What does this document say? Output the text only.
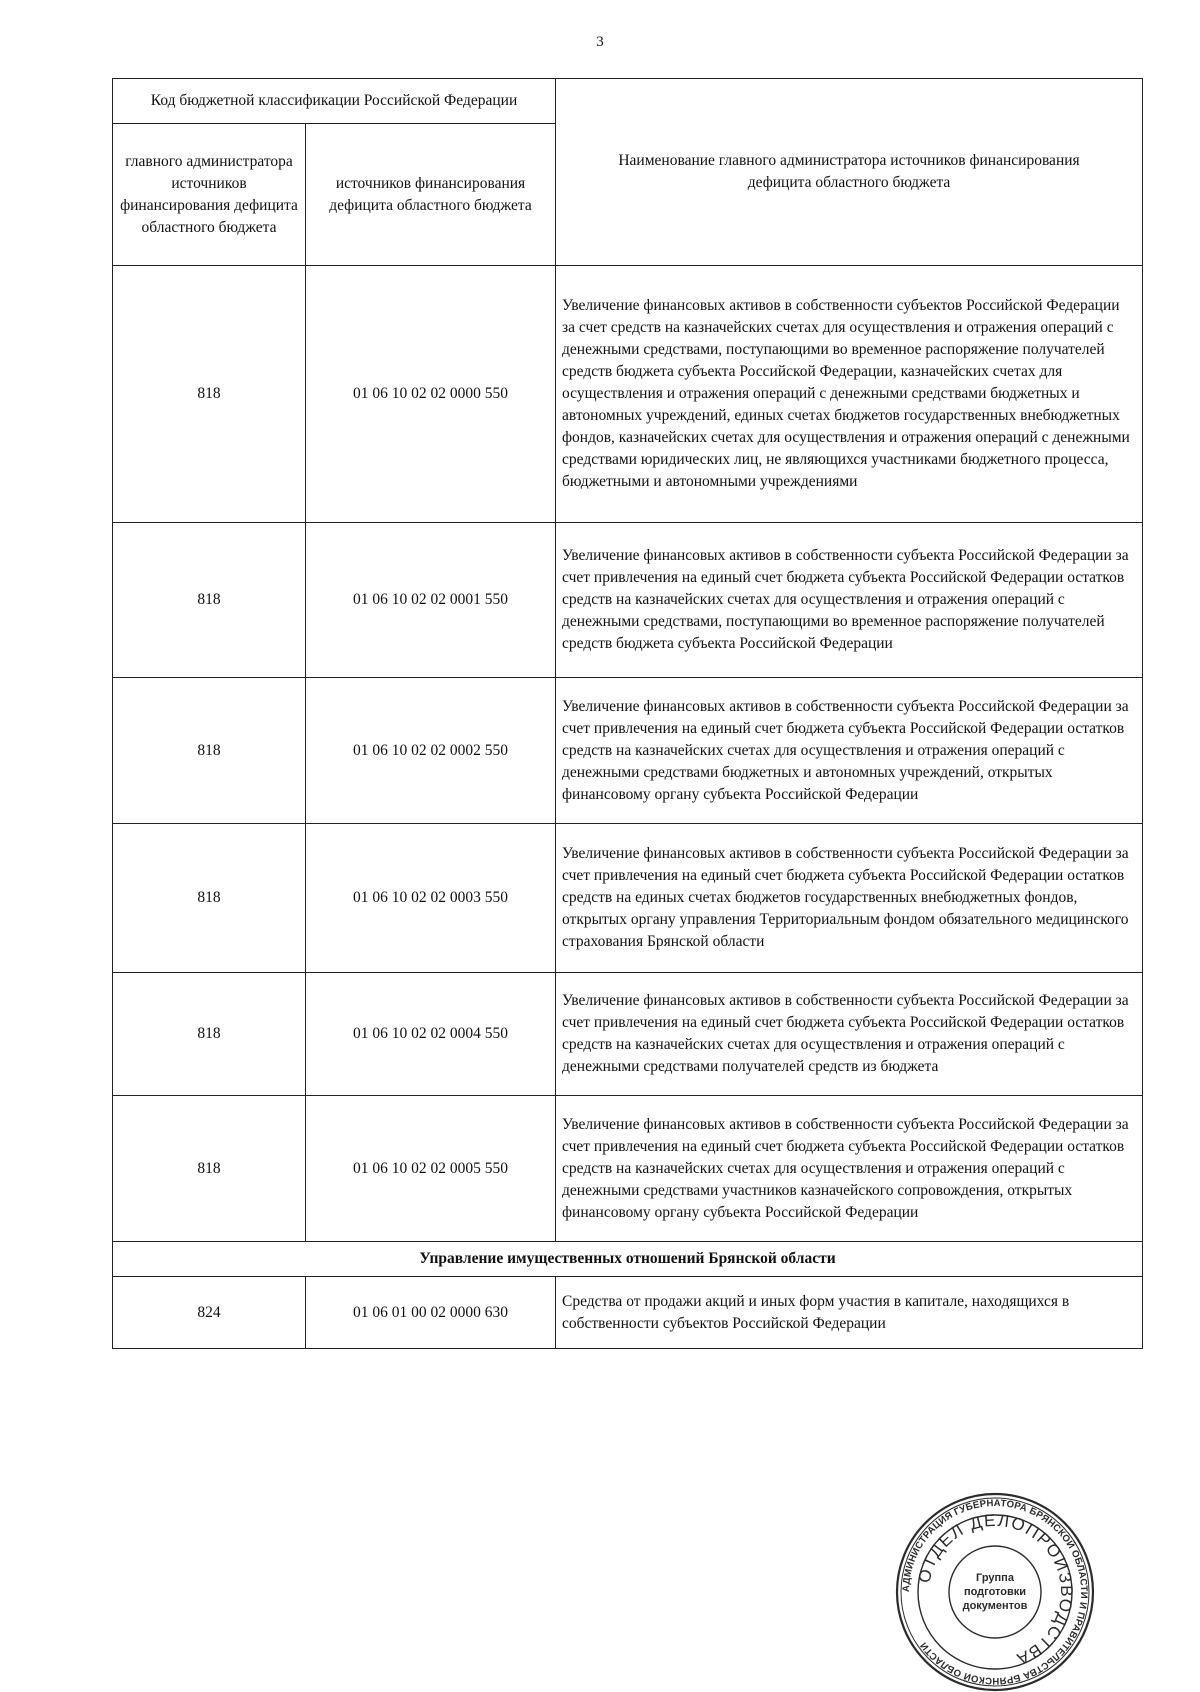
3
Код бюджетной классификации Российской Федерации		Наименование главного администратора источников финансирования дефицита областного бюджета
главного администратора источников финансирования дефицита областного бюджета	источников финансирования дефицита областного бюджета	
818	01 06 10 02 02 0000 550	Увеличение финансовых активов в собственности субъектов Российской Федерации за счет средств на казначейских счетах для осуществления и отражения операций с денежными средствами, поступающими во временное распоряжение получателей средств бюджета субъекта Российской Федерации, казначейских счетах для осуществления и отражения операций с денежными средствами бюджетных и автономных учреждений, единых счетах бюджетов государственных внебюджетных фондов, казначейских счетах для осуществления и отражения операций с денежными средствами юридических лиц, не являющихся участниками бюджетного процесса, бюджетными и автономными учреждениями
818	01 06 10 02 02 0001 550	Увеличение финансовых активов в собственности субъекта Российской Федерации за счет привлечения на единый счет бюджета субъекта Российской Федерации остатков средств на казначейских счетах для осуществления и отражения операций с денежными средствами, поступающими во временное распоряжение получателей средств бюджета субъекта Российской Федерации
818	01 06 10 02 02 0002 550	Увеличение финансовых активов в собственности субъекта Российской Федерации за счет привлечения на единый счет бюджета субъекта Российской Федерации остатков средств на казначейских счетах для осуществления и отражения операций с денежными средствами бюджетных и автономных учреждений, открытых финансовому органу субъекта Российской Федерации
818	01 06 10 02 02 0003 550	Увеличение финансовых активов в собственности субъекта Российской Федерации за счет привлечения на единый счет бюджета субъекта Российской Федерации остатков средств на единых счетах бюджетов государственных внебюджетных фондов, открытых органу управления Территориальным фондом обязательного медицинского страхования Брянской области
818	01 06 10 02 02 0004 550	Увеличение финансовых активов в собственности субъекта Российской Федерации за счет привлечения на единый счет бюджета субъекта Российской Федерации остатков средств на казначейских счетах для осуществления и отражения операций с денежными средствами получателей средств из бюджета
818	01 06 10 02 02 0005 550	Увеличение финансовых активов в собственности субъекта Российской Федерации за счет привлечения на единый счет бюджета субъекта Российской Федерации остатков средств на казначейских счетах для осуществления и отражения операций с денежными средствами участников казначейского сопровождения, открытых финансовому органу субъекта Российской Федерации
Управление имущественных отношений Брянской области		
824	01 06 01 00 02 0000 630	Средства от продажи акций и иных форм участия в капитале, находящихся в собственности субъектов Российской Федерации
АДМИНИСТРАЦИЯ ГУБЕРНАТОРА БРЯНСКОЙ ОБЛАСТИ И ПРАВИТЕЛЬСТВА БРЯНСКОЙ ОБЛАСТИ
ОТДЕЛ ДЕЛОПРОИЗВОДСТВА
Группа
подготовки
документов
